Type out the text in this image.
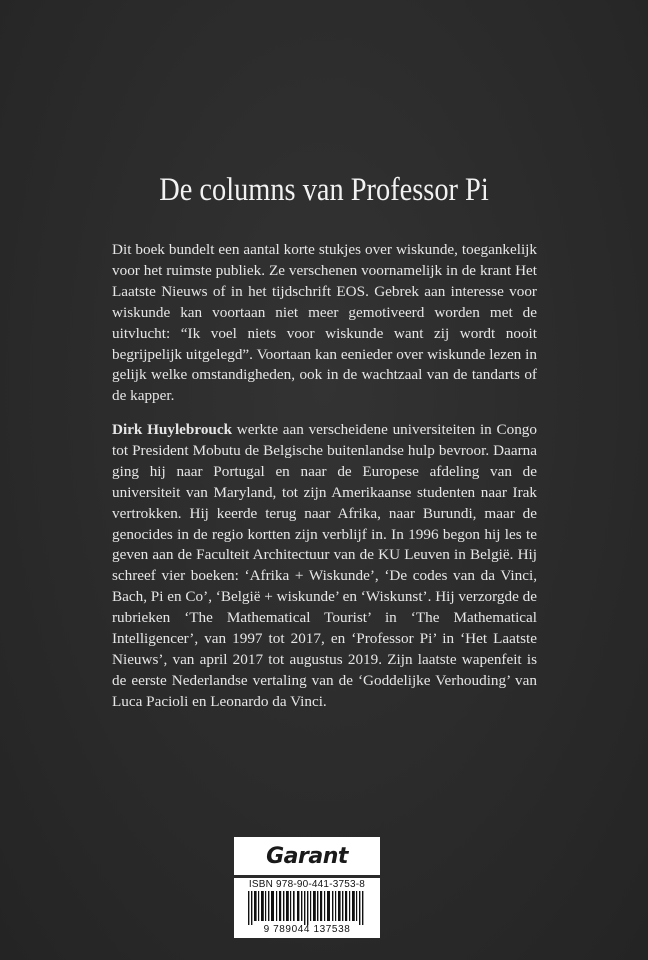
De columns van Professor Pi
Dit boek bundelt een aantal korte stukjes over wiskunde, toegankelijk voor het ruimste publiek. Ze verschenen voornamelijk in de krant Het Laatste Nieuws of in het tijdschrift EOS. Gebrek aan interesse voor wiskunde kan voortaan niet meer gemotiveerd worden met de uitvlucht: “Ik voel niets voor wiskunde want zij wordt nooit begrijpelijk uitgelegd”. Voortaan kan eenieder over wiskunde lezen in gelijk welke omstandigheden, ook in de wachtzaal van de tandarts of de kapper.
Dirk Huylebrouck werkte aan verscheidene universiteiten in Congo tot President Mobutu de Belgische buitenlandse hulp bevroor. Daarna ging hij naar Portugal en naar de Europese afdeling van de universiteit van Maryland, tot zijn Amerikaanse studenten naar Irak vertrokken. Hij keerde terug naar Afrika, naar Burundi, maar de genocides in de regio kortten zijn verblijf in. In 1996 begon hij les te geven aan de Faculteit Architectuur van de KU Leuven in België. Hij schreef vier boeken: ‘Afrika + Wiskunde’, ‘De codes van da Vinci, Bach, Pi en Co’, ‘België + wiskunde’ en ‘Wiskunst’. Hij verzorgde de rubrieken ‘The Mathematical Tourist’ in ‘The Mathematical Intelligencer’, van 1997 tot 2017, en ‘Professor Pi’ in ‘Het Laatste Nieuws’, van april 2017 tot augustus 2019. Zijn laatste wapenfeit is de eerste Nederlandse vertaling van de ‘Goddelijke Verhouding’ van Luca Pacioli en Leonardo da Vinci.
Garant
ISBN 978-90-441-3753-8
9 789044 137538
